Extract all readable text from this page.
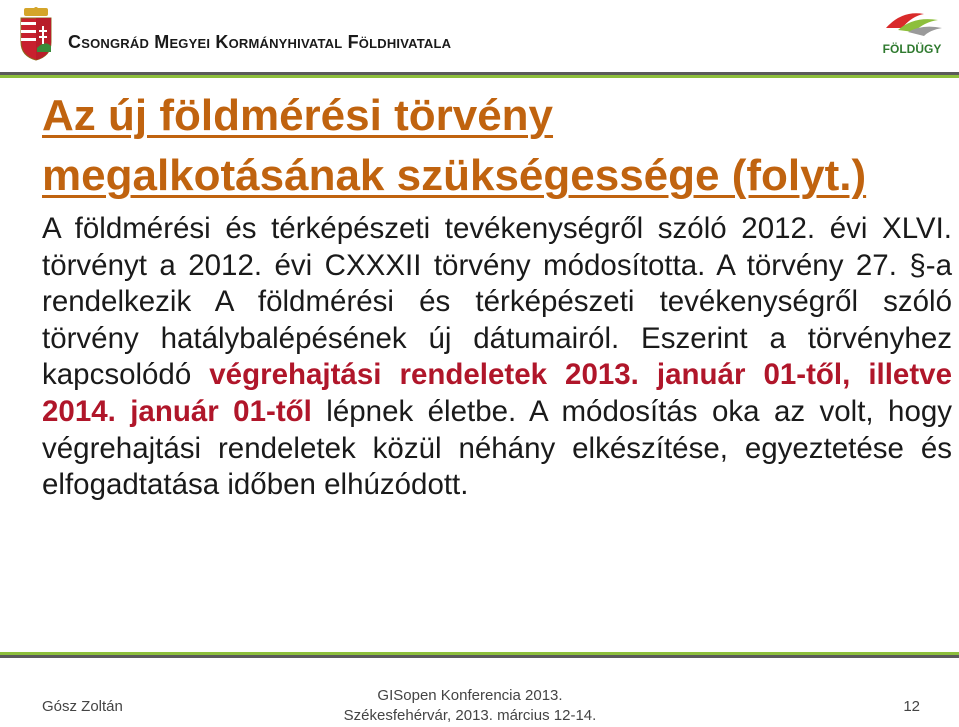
Csongrád Megyei Kormányhivatal Földhivatala	FÖLDÜGY
Az új földmérési törvény
megalkotásának szükségessége (folyt.)
A földmérési és térképészeti tevékenységről szóló 2012. évi XLVI. törvényt a 2012. évi CXXXII törvény módosította. A törvény 27. §-a rendelkezik A földmérési és térképészeti tevékenységről szóló törvény hatálybalépésének új dátumairól. Eszerint a törvényhez kapcsolódó végrehajtási rendeletek 2013. január 01-től, illetve 2014. január 01-től lépnek életbe. A módosítás oka az volt, hogy végrehajtási rendeletek közül néhány elkészítése, egyeztetése és elfogadtatása időben elhúzódott.
Gósz Zoltán
GISopen Konferencia 2013.
Székesfehérvár, 2013. március 12-14.
12
